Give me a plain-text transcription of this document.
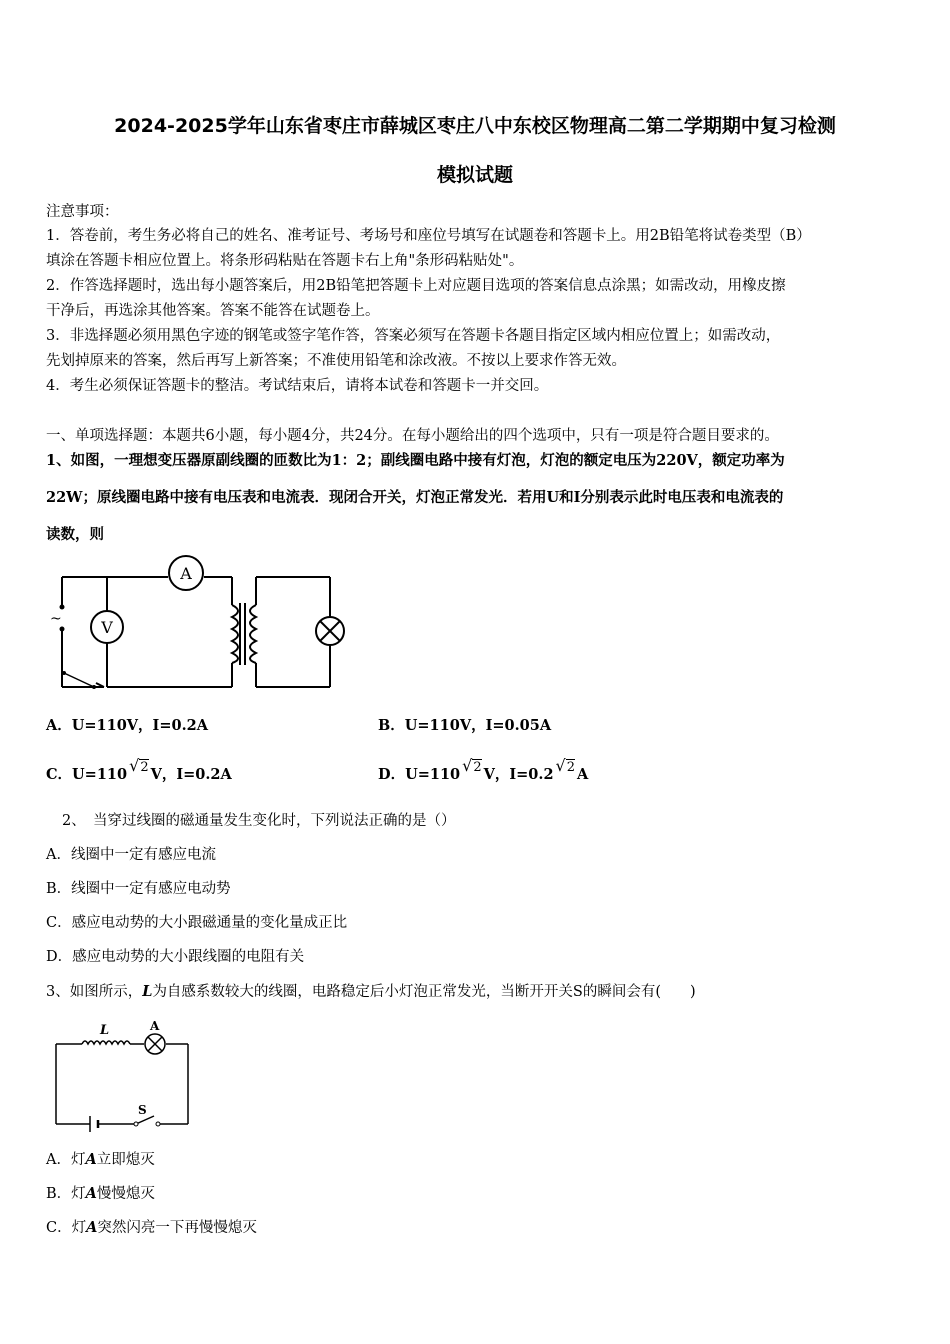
2024-2025学年山东省枣庄市薛城区枣庄八中东校区物理高二第二学期期中复习检测
模拟试题
注意事项：
1．答卷前，考生务必将自己的姓名、准考证号、考场号和座位号填写在试题卷和答题卡上。用2B铅笔将试卷类型（B）
填涂在答题卡相应位置上。将条形码粘贴在答题卡右上角"条形码粘贴处"。
2．作答选择题时，选出每小题答案后，用2B铅笔把答题卡上对应题目选项的答案信息点涂黑；如需改动，用橡皮擦
干净后，再选涂其他答案。答案不能答在试题卷上。
3．非选择题必须用黑色字迹的钢笔或签字笔作答，答案必须写在答题卡各题目指定区域内相应位置上；如需改动，
先划掉原来的答案，然后再写上新答案；不准使用铅笔和涂改液。不按以上要求作答无效。
4．考生必须保证答题卡的整洁。考试结束后，请将本试卷和答题卡一并交回。
一、单项选择题：本题共6小题，每小题4分，共24分。在每小题给出的四个选项中，只有一项是符合题目要求的。
1、如图，一理想变压器原副线圈的匝数比为1：2；副线圈电路中接有灯泡，灯泡的额定电压为220V，额定功率为
22W；原线圈电路中接有电压表和电流表．现闭合开关，灯泡正常发光．若用U和I分别表示此时电压表和电流表的
读数，则
A
V
~
A．U=110V，I=0.2A	B．U=110V，I=0.05A
C．U=110 √2 V，I=0.2A	D．U=110 √2 V，I=0.2 √2 A
2、　当穿过线圈的磁通量发生变化时，下列说法正确的是（）
A．线圈中一定有感应电流
B．线圈中一定有感应电动势
C．感应电动势的大小跟磁通量的变化量成正比
D．感应电动势的大小跟线圈的电阻有关
3、如图所示，L为自感系数较大的线圈，电路稳定后小灯泡正常发光，当断开开关S的瞬间会有(　　)
L	A
S
A．灯A立即熄灭
B．灯A慢慢熄灭
C．灯A突然闪亮一下再慢慢熄灭
